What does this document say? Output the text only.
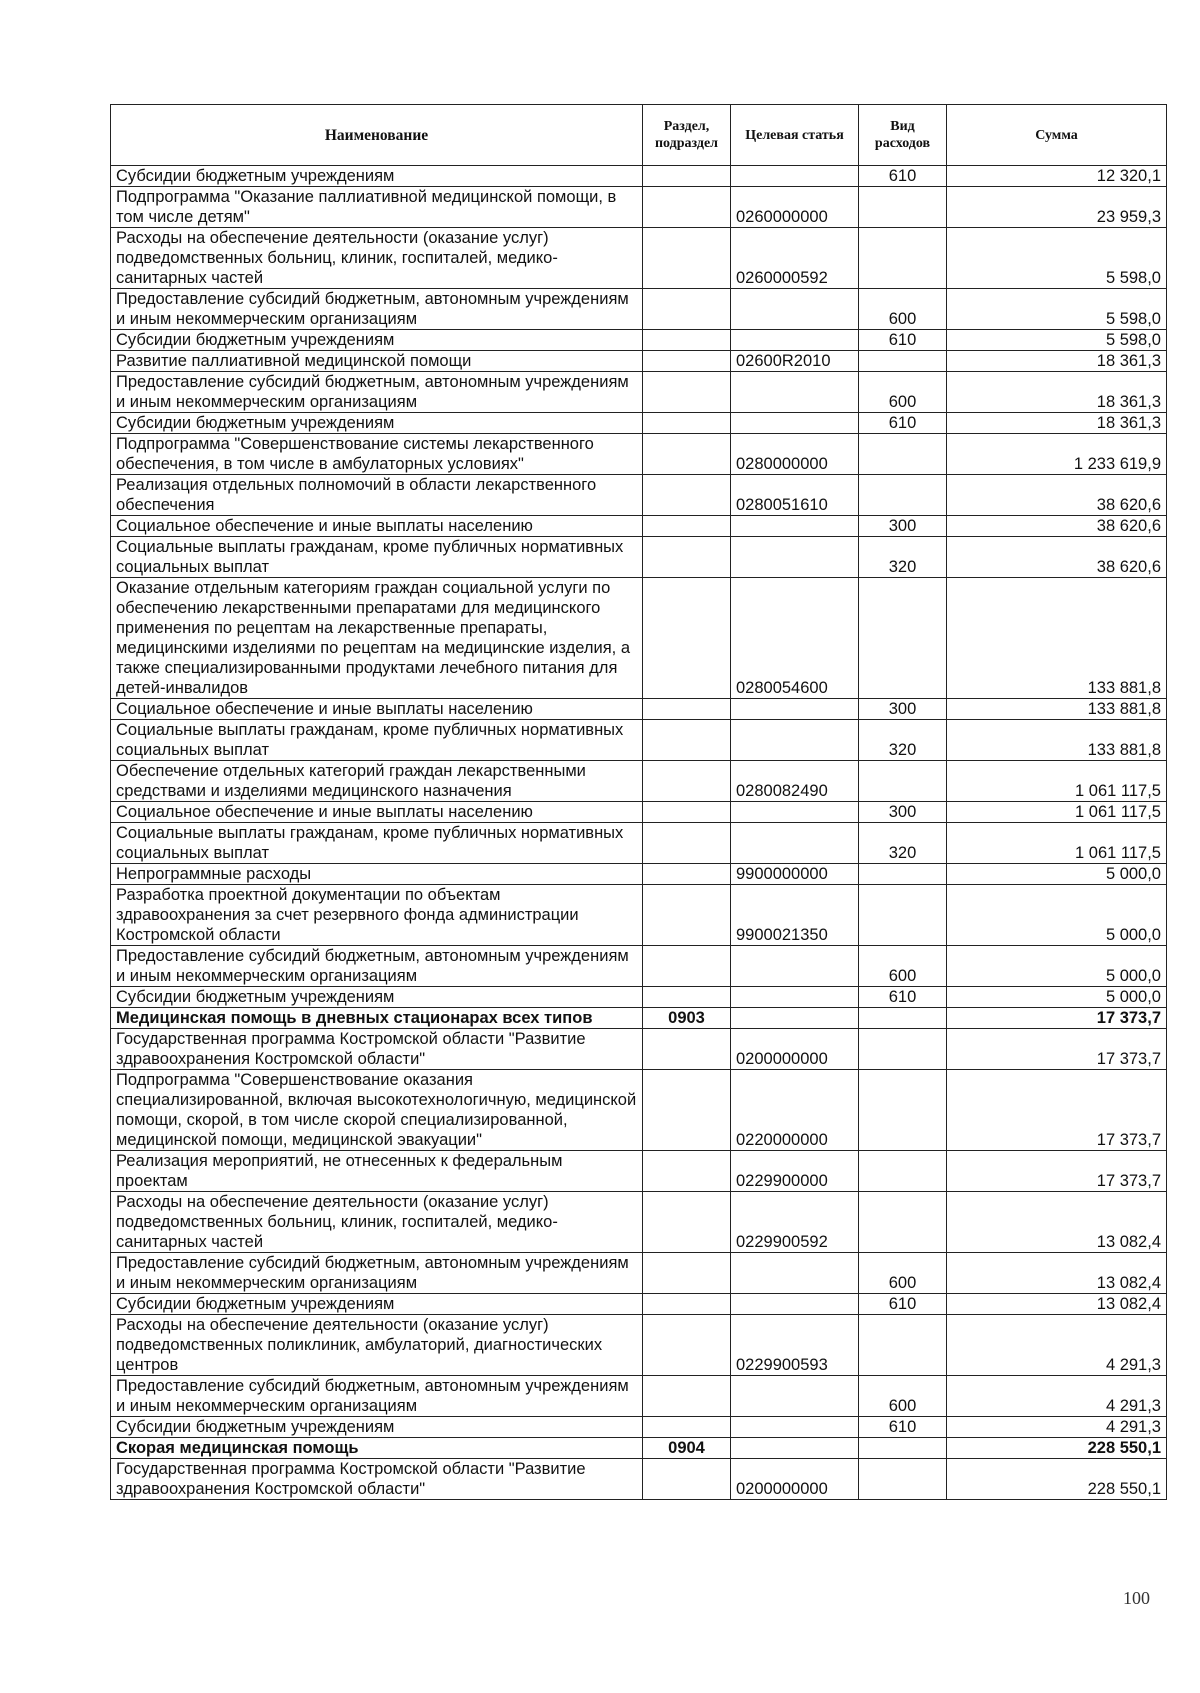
Наименование	Раздел, подраздел	Целевая статья	Вид расходов	Сумма
Субсидии бюджетным учреждениям			610	12 320,1
Подпрограмма "Оказание паллиативной медицинской помощи, в том числе детям"		0260000000		23 959,3
Расходы на обеспечение деятельности (оказание услуг) подведомственных больниц, клиник, госпиталей, медико-санитарных частей		0260000592		5 598,0
Предоставление субсидий бюджетным, автономным учреждениям и иным некоммерческим организациям			600	5 598,0
Субсидии бюджетным учреждениям			610	5 598,0
Развитие паллиативной медицинской помощи		02600R2010		18 361,3
Предоставление субсидий бюджетным, автономным учреждениям и иным некоммерческим организациям			600	18 361,3
Субсидии бюджетным учреждениям			610	18 361,3
Подпрограмма "Совершенствование системы лекарственного обеспечения, в том числе в амбулаторных условиях"		0280000000		1 233 619,9
Реализация отдельных полномочий в области лекарственного обеспечения		0280051610		38 620,6
Социальное обеспечение и иные выплаты населению			300	38 620,6
Социальные выплаты гражданам, кроме публичных нормативных социальных выплат			320	38 620,6
Оказание отдельным категориям граждан социальной услуги по обеспечению лекарственными препаратами для медицинского применения по рецептам на лекарственные препараты, медицинскими изделиями по рецептам на медицинские изделия, а также специализированными продуктами лечебного питания для детей-инвалидов		0280054600		133 881,8
Социальное обеспечение и иные выплаты населению			300	133 881,8
Социальные выплаты гражданам, кроме публичных нормативных социальных выплат			320	133 881,8
Обеспечение отдельных категорий граждан лекарственными средствами и изделиями медицинского назначения		0280082490		1 061 117,5
Социальное обеспечение и иные выплаты населению			300	1 061 117,5
Социальные выплаты гражданам, кроме публичных нормативных социальных выплат			320	1 061 117,5
Непрограммные расходы		9900000000		5 000,0
Разработка проектной документации по объектам здравоохранения за счет резервного фонда администрации Костромской области		9900021350		5 000,0
Предоставление субсидий бюджетным, автономным учреждениям и иным некоммерческим организациям			600	5 000,0
Субсидии бюджетным учреждениям			610	5 000,0
Медицинская помощь в дневных стационарах всех типов	0903			17 373,7
Государственная программа Костромской области "Развитие здравоохранения Костромской области"		0200000000		17 373,7
Подпрограмма "Совершенствование оказания специализированной, включая высокотехнологичную, медицинской помощи, скорой, в том числе скорой специализированной, медицинской помощи, медицинской эвакуации"		0220000000		17 373,7
Реализация мероприятий, не отнесенных к федеральным проектам		0229900000		17 373,7
Расходы на обеспечение деятельности (оказание услуг) подведомственных больниц, клиник, госпиталей, медико-санитарных частей		0229900592		13 082,4
Предоставление субсидий бюджетным, автономным учреждениям и иным некоммерческим организациям			600	13 082,4
Субсидии бюджетным учреждениям			610	13 082,4
Расходы на обеспечение деятельности (оказание услуг) подведомственных поликлиник, амбулаторий, диагностических центров		0229900593		4 291,3
Предоставление субсидий бюджетным, автономным учреждениям и иным некоммерческим организациям			600	4 291,3
Субсидии бюджетным учреждениям			610	4 291,3
Скорая медицинская помощь	0904			228 550,1
Государственная программа Костромской области "Развитие здравоохранения Костромской области"		0200000000		228 550,1
100
